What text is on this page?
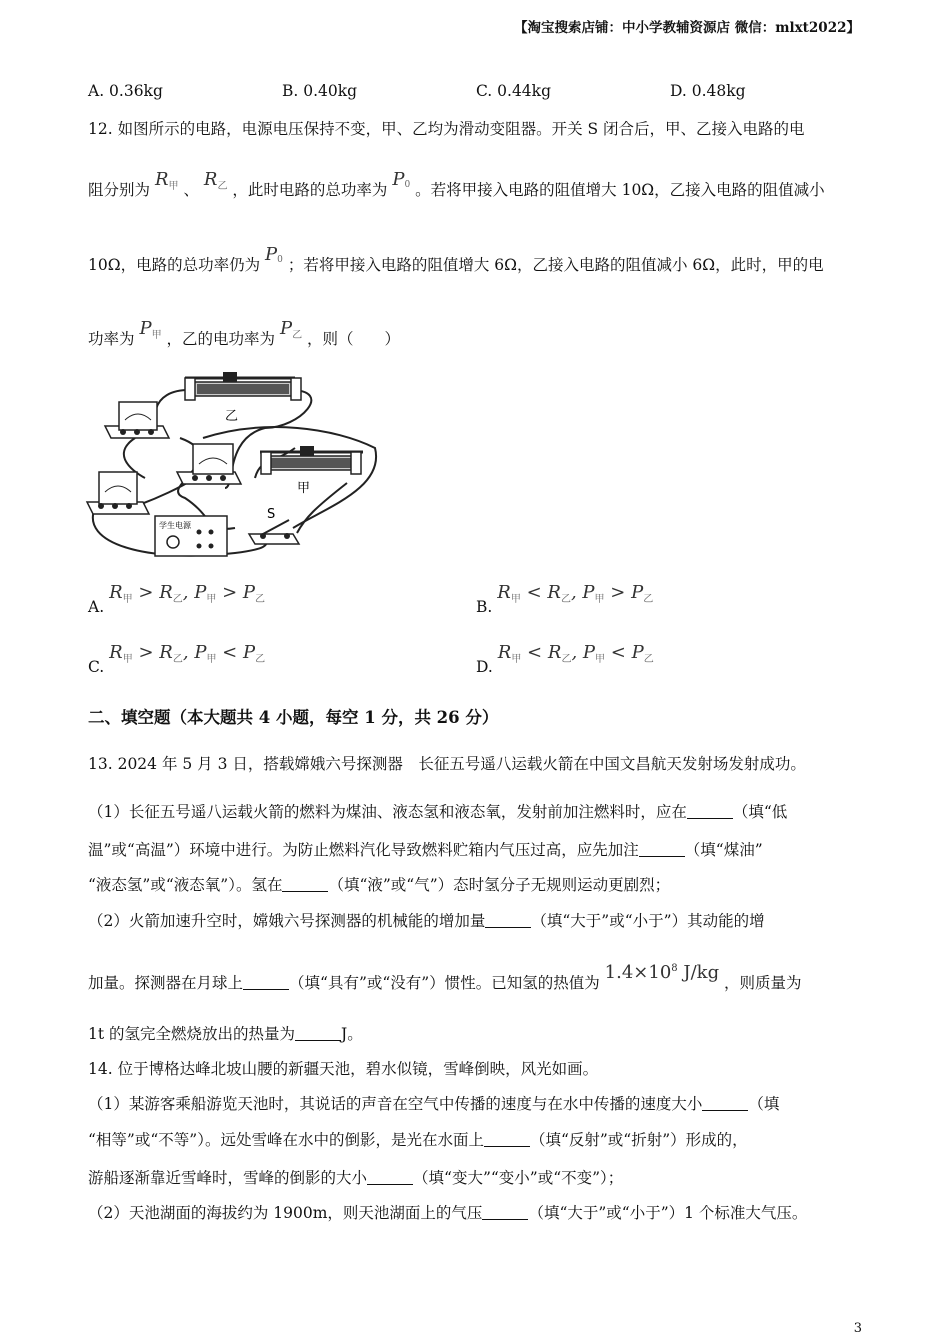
【淘宝搜索店铺：中小学教辅资源店 微信：mlxt2022】
A. 0.36kg	B. 0.40kg	C. 0.44kg	D. 0.48kg
12. 如图所示的电路，电源电压保持不变，甲、乙均为滑动变阻器。开关 S 闭合后，甲、乙接入电路的电
阻分别为 $R_甲$ 、 $R_乙$ ，此时电路的总功率为 P0 。若将甲接入电路的阻值增大 10Ω，乙接入电路的阻值减小
10Ω，电路的总功率仍为 P0 ；若将甲接入电路的阻值增大 6Ω，乙接入电路的阻值减小 6Ω，此时，甲的电
功率为 $P_甲$ ，乙的电功率为 $P_乙$ ，则（　　）
乙
甲
学生电源
S
A. $R_甲 > R_乙$, $P_甲 > P_乙$	B. $R_甲 < R_乙$, $P_甲 > P_乙$
C. $R_甲 > R_乙$, $P_甲 < P_乙$	D. $R_甲 < R_乙$, $P_甲 < P_乙$
二、填空题（本大题共 4 小题，每空 1 分，共 26 分）
13. 2024 年 5 月 3 日，搭载嫦娥六号探测器　长征五号遥八运载火箭在中国文昌航天发射场发射成功。
（1）长征五号遥八运载火箭的燃料为煤油、液态氢和液态氧，发射前加注燃料时，应在	（填“低
温”或“高温”）环境中进行。为防止燃料汽化导致燃料贮箱内气压过高，应先加注	（填“煤油”
“液态氢”或“液态氧”）。氢在	（填“液”或“气”）态时氢分子无规则运动更剧烈；
（2）火箭加速升空时，嫦娥六号探测器的机械能的增加量	（填“大于”或“小于”）其动能的增
加量。探测器在月球上	（填“具有”或“没有”）惯性。已知氢的热值为 $1.4\times 10^8$ J/kg ，则质量为
1t 的氢完全燃烧放出的热量为	J。
14. 位于博格达峰北坡山腰的新疆天池，碧水似镜，雪峰倒映，风光如画。
（1）某游客乘船游览天池时，其说话的声音在空气中传播的速度与在水中传播的速度大小	（填
“相等”或“不等”）。远处雪峰在水中的倒影，是光在水面上	（填“反射”或“折射”）形成的，
游船逐渐靠近雪峰时，雪峰的倒影的大小	（填“变大”“变小”或“不变”）；
（2）天池湖面的海拔约为 1900m，则天池湖面上的气压	（填“大于”或“小于”）1 个标准大气压。
3
